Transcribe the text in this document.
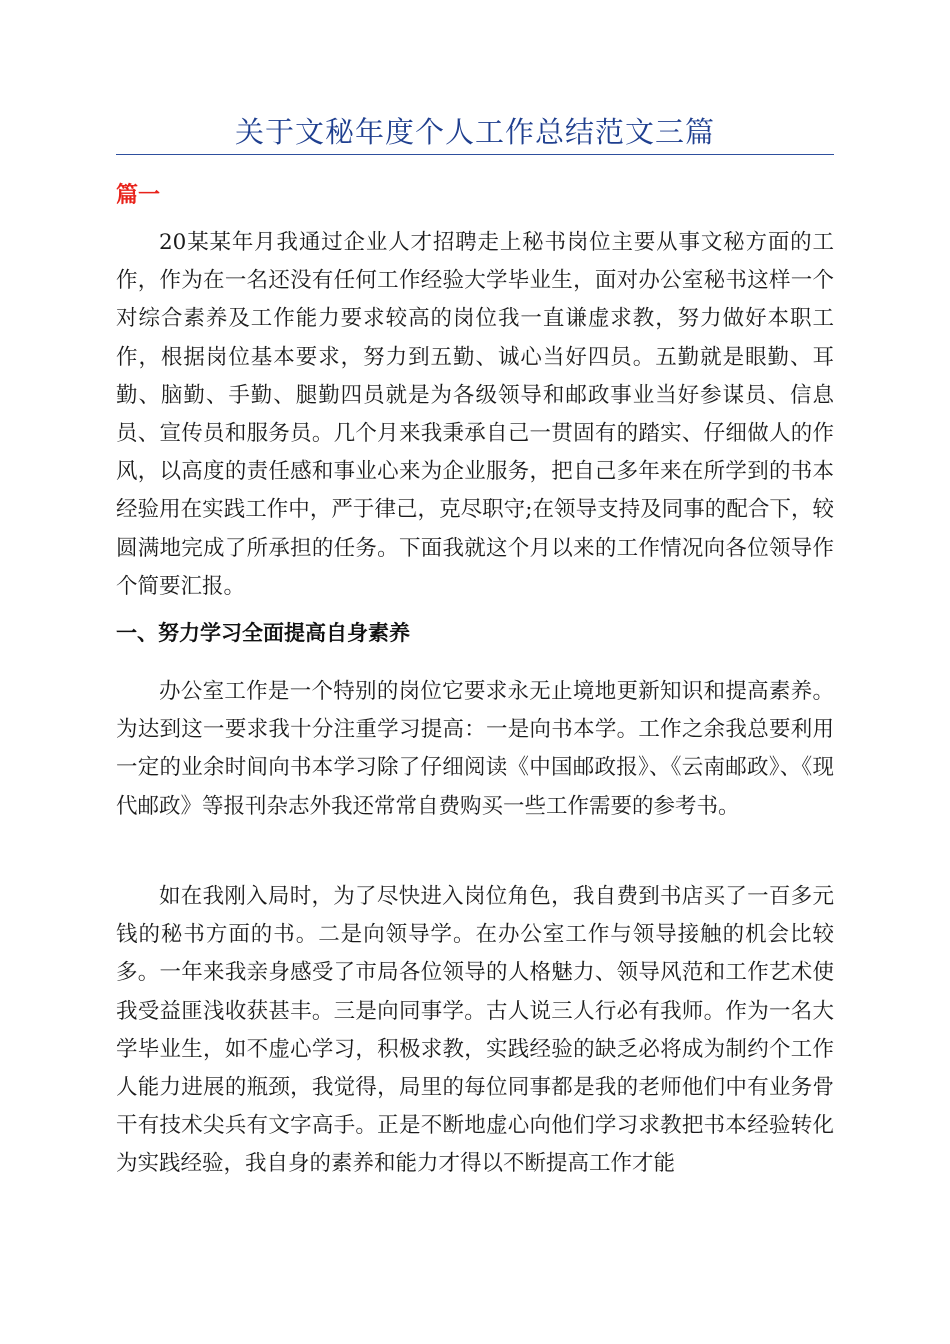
关于文秘年度个人工作总结范文三篇
篇一

20某某年月我通过企业人才招聘走上秘书岗位主要从事文秘方面的工作，作为在一名还没有任何工作经验大学毕业生，面对办公室秘书这样一个对综合素养及工作能力要求较高的岗位我一直谦虚求教，努力做好本职工作，根据岗位基本要求，努力到五勤、诚心当好四员。五勤就是眼勤、耳勤、脑勤、手勤、腿勤四员就是为各级领导和邮政事业当好参谋员、信息员、宣传员和服务员。几个月来我秉承自己一贯固有的踏实、仔细做人的作风，以高度的责任感和事业心来为企业服务，把自己多年来在所学到的书本经验用在实践工作中，严于律己，克尽职守;在领导支持及同事的配合下，较圆满地完成了所承担的任务。下面我就这个月以来的工作情况向各位领导作个简要汇报。

一、努力学习全面提高自身素养

办公室工作是一个特别的岗位它要求永无止境地更新知识和提高素养。为达到这一要求我十分注重学习提高：一是向书本学。工作之余我总要利用一定的业余时间向书本学习除了仔细阅读《中国邮政报》、《云南邮政》、《现代邮政》等报刊杂志外我还常常自费购买一些工作需要的参考书。

如在我刚入局时，为了尽快进入岗位角色，我自费到书店买了一百多元钱的秘书方面的书。二是向领导学。在办公室工作与领导接触的机会比较多。一年来我亲身感受了市局各位领导的人格魅力、领导风范和工作艺术使我受益匪浅收获甚丰。三是向同事学。古人说三人行必有我师。作为一名大学毕业生，如不虚心学习，积极求教，实践经验的缺乏必将成为制约个工作人能力进展的瓶颈，我觉得，局里的每位同事都是我的老师他们中有业务骨干有技术尖兵有文字高手。正是不断地虚心向他们学习求教把书本经验转化为实践经验，我自身的素养和能力才得以不断提高工作才能
